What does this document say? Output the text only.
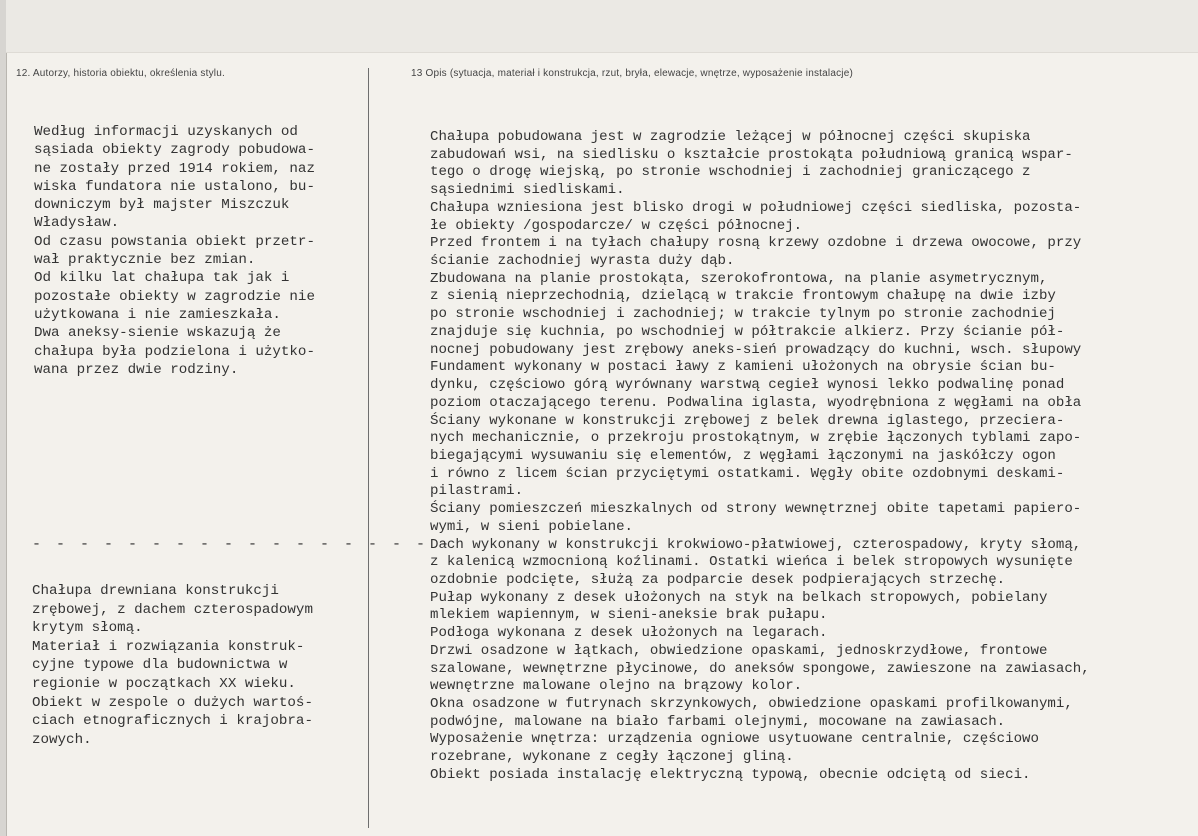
12. Autorzy, historia obiektu, określenia stylu.	13 Opis (sytuacja, materiał i konstrukcja, rzut, bryła, elewacje, wnętrze, wyposażenie instalacje)
Według informacji uzyskanych od
sąsiada obiekty zagrody pobudowa-
ne zostały przed 1914 rokiem, naz
wiska fundatora nie ustalono, bu-
downiczym był majster Miszczuk
Władysław.
Od czasu powstania obiekt przetr-
wał praktycznie bez zmian.
Od kilku lat chałupa tak jak i
pozostałe obiekty w zagrodzie nie
użytkowana i nie zamieszkała.
Dwa aneksy-sienie wskazują że
chałupa była podzielona i użytko-
wana przez dwie rodziny.
- - - - - - - - - - - - - - - - - -
Chałupa drewniana konstrukcji
zrębowej, z dachem czterospadowym
krytym słomą.
Materiał i rozwiązania konstruk-
cyjne typowe dla budownictwa w
regionie w początkach XX wieku.
Obiekt w zespole o dużych wartoś-
ciach etnograficznych i krajobra-
zowych.
Chałupa pobudowana jest w zagrodzie leżącej w północnej części skupiska
zabudowań wsi, na siedlisku o kształcie prostokąta południową granicą wspar-
tego o drogę wiejską, po stronie wschodniej i zachodniej graniczącego z
sąsiednimi siedliskami.
Chałupa wzniesiona jest blisko drogi w południowej części siedliska, pozosta-
łe obiekty /gospodarcze/ w części północnej.
Przed frontem i na tyłach chałupy rosną krzewy ozdobne i drzewa owocowe, przy
ścianie zachodniej wyrasta duży dąb.
Zbudowana na planie prostokąta, szerokofrontowa, na planie asymetrycznym,
z sienią nieprzechodnią, dzielącą w trakcie frontowym chałupę na dwie izby
po stronie wschodniej i zachodniej; w trakcie tylnym po stronie zachodniej
znajduje się kuchnia, po wschodniej w półtrakcie alkierz. Przy ścianie pół-
nocnej pobudowany jest zrębowy aneks-sień prowadzący do kuchni, wsch. słupowy
Fundament wykonany w postaci ławy z kamieni ułożonych na obrysie ścian bu-
dynku, częściowo górą wyrównany warstwą cegieł wynosi lekko podwalinę ponad
poziom otaczającego terenu. Podwalina iglasta, wyodrębniona z węgłami na obła
Ściany wykonane w konstrukcji zrębowej z belek drewna iglastego, przeciera-
nych mechanicznie, o przekroju prostokątnym, w zrębie łączonych tyblami zapo-
biegającymi wysuwaniu się elementów, z węgłami łączonymi na jaskółczy ogon
i równo z licem ścian przyciętymi ostatkami. Węgły obite ozdobnymi deskami-
pilastrami.
Ściany pomieszczeń mieszkalnych od strony wewnętrznej obite tapetami papiero-
wymi, w sieni pobielane.
Dach wykonany w konstrukcji krokwiowo-płatwiowej, czterospadowy, kryty słomą,
z kalenicą wzmocnioną koźlinami. Ostatki wieńca i belek stropowych wysunięte
ozdobnie podcięte, służą za podparcie desek podpierających strzechę.
Pułap wykonany z desek ułożonych na styk na belkach stropowych, pobielany
mlekiem wapiennym, w sieni-aneksie brak pułapu.
Podłoga wykonana z desek ułożonych na legarach.
Drzwi osadzone w łątkach, obwiedzione opaskami, jednoskrzydłowe, frontowe
szalowane, wewnętrzne płycinowe, do aneksów spongowe, zawieszone na zawiasach,
wewnętrzne malowane olejno na brązowy kolor.
Okna osadzone w futrynach skrzynkowych, obwiedzione opaskami profilkowanymi,
podwójne, malowane na biało farbami olejnymi, mocowane na zawiasach.
Wyposażenie wnętrza: urządzenia ogniowe usytuowane centralnie, częściowo
rozebrane, wykonane z cegły łączonej gliną.
Obiekt posiada instalację elektryczną typową, obecnie odciętą od sieci.
